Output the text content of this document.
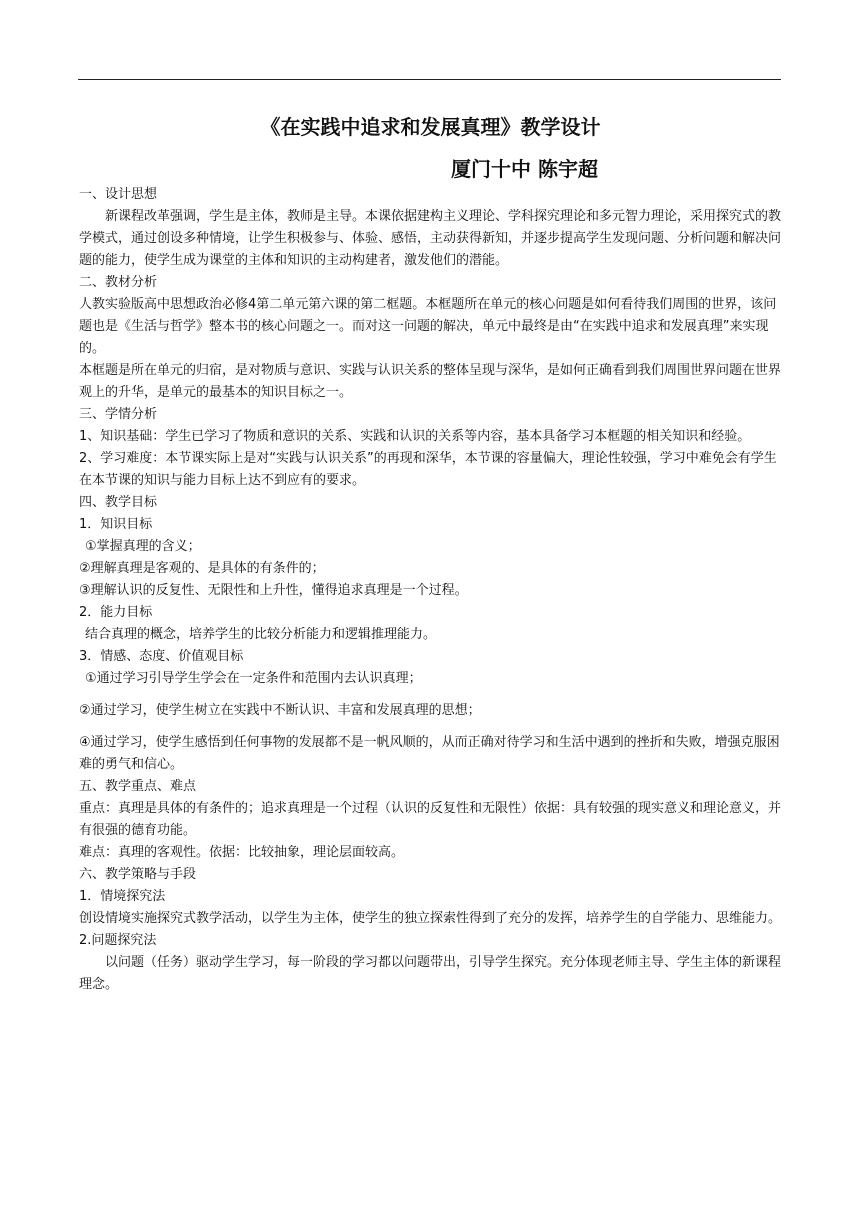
《在实践中追求和发展真理》教学设计
厦门十中 陈宇超

一、设计思想

新课程改革强调，学生是主体，教师是主导。本课依据建构主义理论、学科探究理论和多元智力理论，采用探究式的教学模式，通过创设多种情境，让学生积极参与、体验、感悟，主动获得新知，并逐步提高学生发现问题、分析问题和解决问题的能力，使学生成为课堂的主体和知识的主动构建者，激发他们的潜能。

二、教材分析

人教实验版高中思想政治必修4第二单元第六课的第二框题。本框题所在单元的核心问题是如何看待我们周围的世界，该问题也是《生活与哲学》整本书的核心问题之一。而对这一问题的解决，单元中最终是由“在实践中追求和发展真理”来实现的。

本框题是所在单元的归宿，是对物质与意识、实践与认识关系的整体呈现与深华，是如何正确看到我们周围世界问题在世界观上的升华，是单元的最基本的知识目标之一。

三、学情分析

1、知识基础：学生已学习了物质和意识的关系、实践和认识的关系等内容，基本具备学习本框题的相关知识和经验。

2、学习难度：本节课实际上是对“实践与认识关系”的再现和深华，本节课的容量偏大，理论性较强，学习中难免会有学生在本节课的知识与能力目标上达不到应有的要求。

四、教学目标

1．知识目标

①掌握真理的含义；

②理解真理是客观的、是具体的有条件的；

③理解认识的反复性、无限性和上升性，懂得追求真理是一个过程。

2．能力目标

结合真理的概念，培养学生的比较分析能力和逻辑推理能力。

3．情感、态度、价值观目标

①通过学习引导学生学会在一定条件和范围内去认识真理；

②通过学习，使学生树立在实践中不断认识、丰富和发展真理的思想；

④通过学习，使学生感悟到任何事物的发展都不是一帆风顺的，从而正确对待学习和生活中遇到的挫折和失败，增强克服困难的勇气和信心。

五、教学重点、难点

重点：真理是具体的有条件的；追求真理是一个过程（认识的反复性和无限性）依据：具有较强的现实意义和理论意义，并有很强的德育功能。

难点：真理的客观性。依据：比较抽象，理论层面较高。

六、教学策略与手段

1．情境探究法

创设情境实施探究式教学活动，以学生为主体，使学生的独立探索性得到了充分的发挥，培养学生的自学能力、思维能力。

2.问题探究法

以问题（任务）驱动学生学习，每一阶段的学习都以问题带出，引导学生探究。充分体现老师主导、学生主体的新课程理念。
